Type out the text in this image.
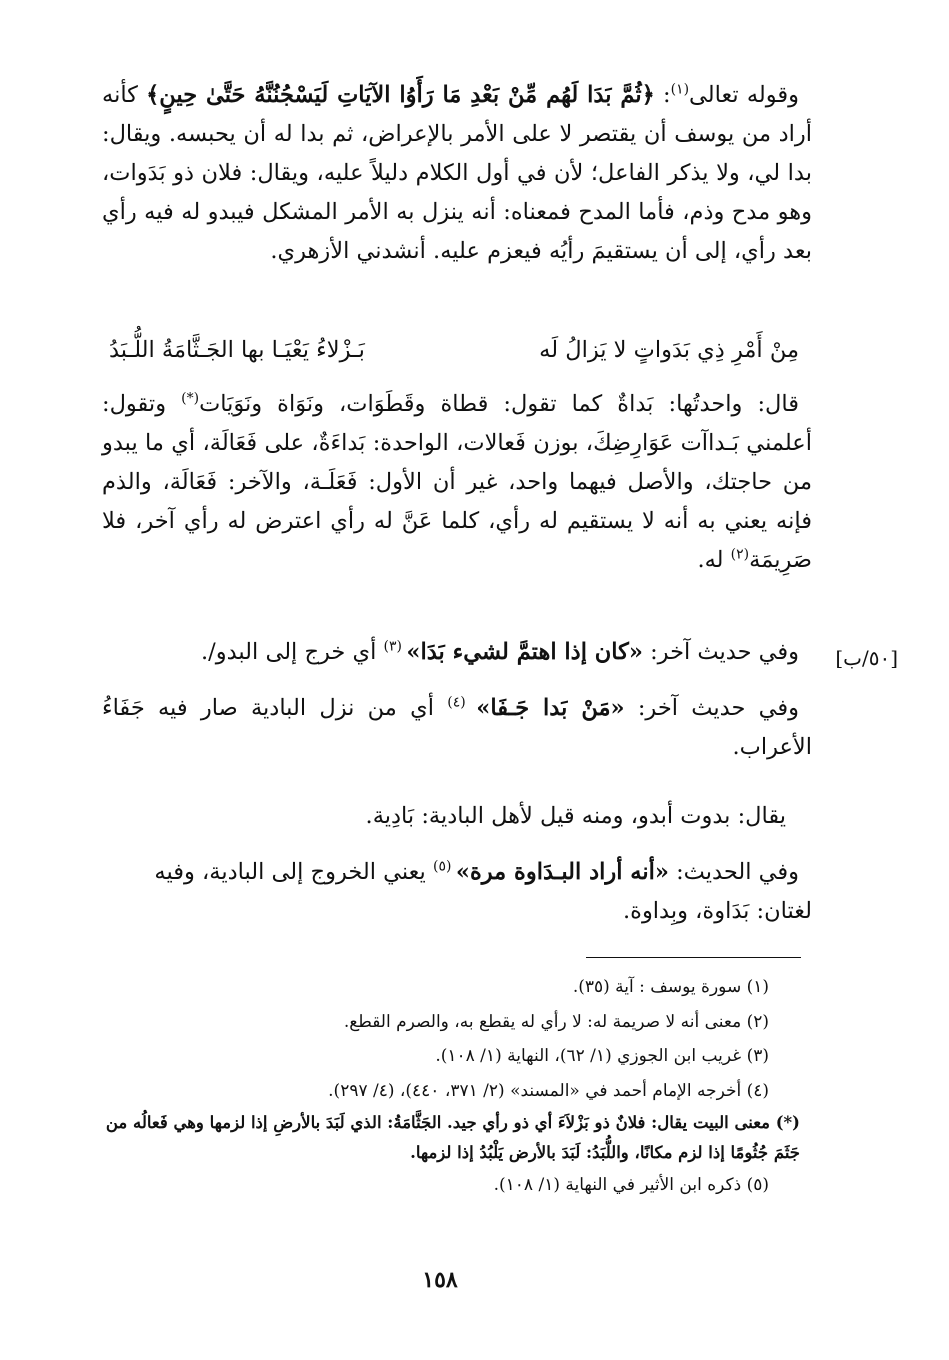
وقوله تعالى$^{(١)}$: ﴿ثُمَّ بَدَا لَهُم مِّنْ بَعْدِ مَا رَأَوُا الآيَاتِ لَيَسْجُنُنَّهُ حَتَّىٰ حِينٍ﴾ كأنه أراد من يوسف أن يقتصر لا على الأمر بالإعراض، ثم بدا له أن يحبسه. ويقال: بدا لي، ولا يذكر الفاعل؛ لأن في أول الكلام دليلاً عليه، ويقال: فلان ذو بَدَوات، وهو مدح وذم، فأما المدح فمعناه: أنه ينزل به الأمر المشكل فيبدو له فيه رأي بعد رأي، إلى أن يستقيمَ رأيُه فيعزم عليه. أنشدني الأزهري.
مِنْ أَمْرِ ذِي بَدَواتٍ لا يَزالُ لَه
بَـزْلاءُ يَعْيَـا بها الجَـثَّامَةُ اللُّـبَدُ
قال: واحدتُها: بَداةٌ كما تقول: قطاة وقَطَوَات، ونَوَاة ونَوَيَات(*) وتقول: أعلمني بَـداآت عَوَارِضِكَ، بوزن فَعالات، الواحدة: بَداءَةٌ، على فَعَالَة، أي ما يبدو من حاجتك، والأصل فيهما واحد، غير أن الأول: فَعَلَـة، والآخر: فَعَالَة، والذم فإنه يعني به أنه لا يستقيم له رأي، كلما عَنَّ له رأي اعترض له رأي آخر، فلا صَرِيمَة$^{(٢)}$ له.
وفي حديث آخر: «كان إذا اهتمَّ لشيء بَدَا» $^{(٣)}$ أي خرج إلى البدو/.	[٥٠/ب]
وفي حديث آخر: «مَنْ بَدا جَـفَا» $^{(٤)}$ أي من نزل البادية صار فيه جَفَاءُ الأعراب.
يقال: بدوت أبدو، ومنه قيل لأهل البادية: بَادِية.
وفي الحديث: «أنه أراد البـدَاوة مرة» $^{(٥)}$ يعني الخروج إلى البادية، وفيه
لغتان: بَدَاوة، وبِداوة.
(١) سورة يوسف : آية (٣٥).
(٢) معنى أنه لا صريمة له: لا رأي له يقطع به، والصرم القطع.
(٣) غريب ابن الجوزي (١/ ٦٢)، النهاية (١/ ١٠٨).
(٤) أخرجه الإمام أحمد في «المسند» (٢/ ٣٧١، ٤٤٠)، (٤/ ٢٩٧).
(*) معنى البيت يقال: فلانٌ ذو بَزْلاَءَ أي ذو رأي جيد. الجَثَّامَةُ: الذي لَبَدَ بالأرضِ إذا لزمها وهي فَعالُه من جَثَمَ جُثُومًا إذا لزم مكانًا، واللُّبَدُ: لَبَدَ بالأرض يَلْبُدُ إذا لزمها.
(٥) ذكره ابن الأثير في النهاية (١/ ١٠٨).
١٥٨
